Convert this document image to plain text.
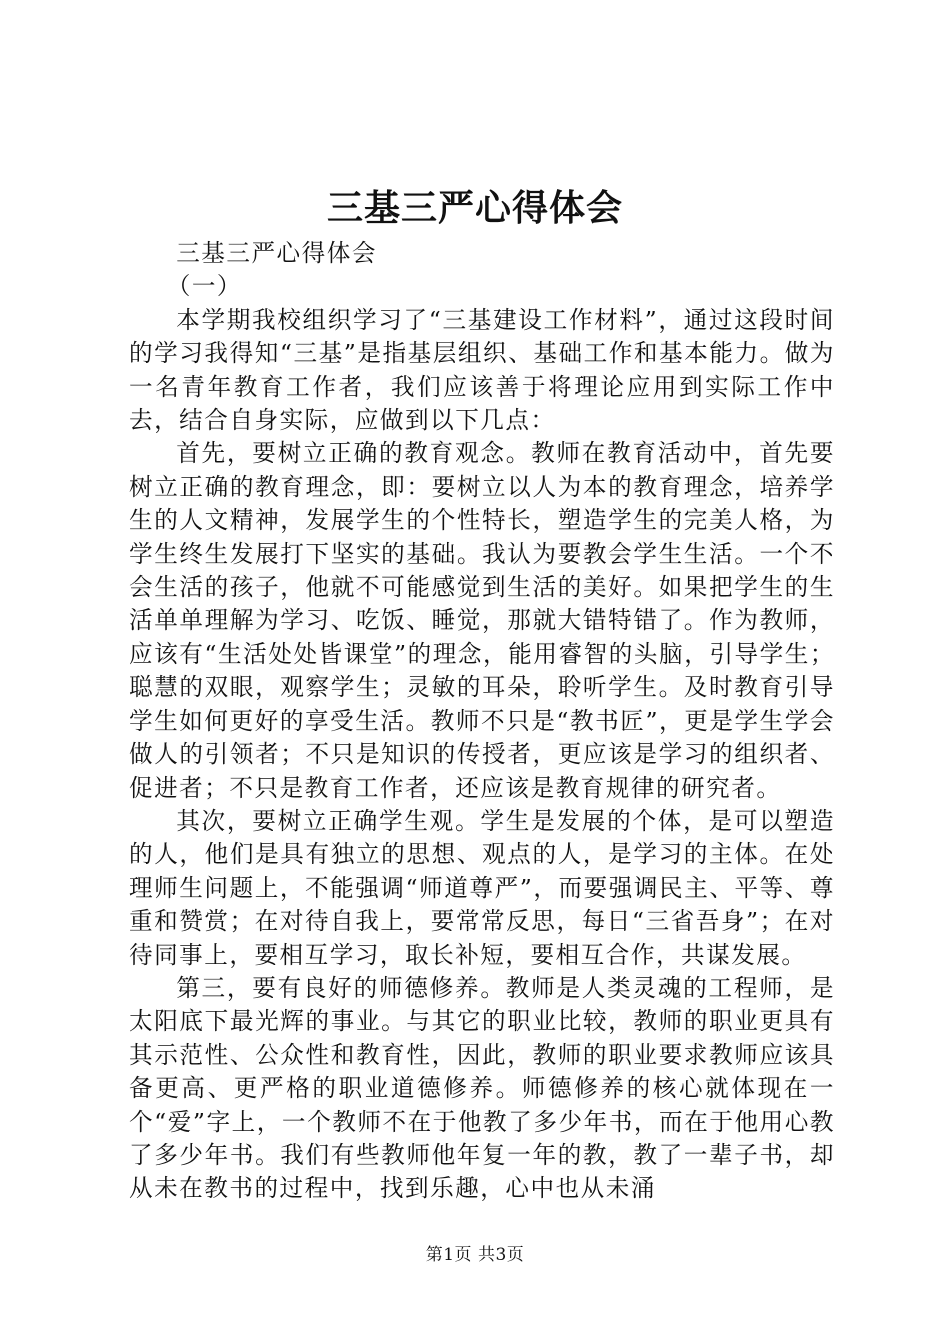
三基三严心得体会

三基三严心得体会

（一）

本学期我校组织学习了“三基建设工作材料”，通过这段时间的学习我得知“三基”是指基层组织、基础工作和基本能力。做为一名青年教育工作者，我们应该善于将理论应用到实际工作中去，结合自身实际，应做到以下几点：

首先，要树立正确的教育观念。教师在教育活动中，首先要树立正确的教育理念，即：要树立以人为本的教育理念，培养学生的人文精神，发展学生的个性特长，塑造学生的完美人格，为学生终生发展打下坚实的基础。我认为要教会学生生活。一个不会生活的孩子，他就不可能感觉到生活的美好。如果把学生的生活单单理解为学习、吃饭、睡觉，那就大错特错了。作为教师，应该有“生活处处皆课堂”的理念，能用睿智的头脑，引导学生；聪慧的双眼，观察学生；灵敏的耳朵，聆听学生。及时教育引导学生如何更好的享受生活。教师不只是“教书匠”，更是学生学会做人的引领者；不只是知识的传授者，更应该是学习的组织者、促进者；不只是教育工作者，还应该是教育规律的研究者。

其次，要树立正确学生观。学生是发展的个体，是可以塑造的人，他们是具有独立的思想、观点的人，是学习的主体。在处理师生问题上，不能强调“师道尊严”，而要强调民主、平等、尊重和赞赏；在对待自我上，要常常反思，每日“三省吾身”；在对待同事上，要相互学习，取长补短，要相互合作，共谋发展。

第三，要有良好的师德修养。教师是人类灵魂的工程师，是太阳底下最光辉的事业。与其它的职业比较，教师的职业更具有其示范性、公众性和教育性，因此，教师的职业要求教师应该具备更高、更严格的职业道德修养。师德修养的核心就体现在一个“爱”字上，一个教师不在于他教了多少年书，而在于他用心教了多少年书。我们有些教师他年复一年的教，教了一辈子书，却从未在教书的过程中，找到乐趣，心中也从未涌

第1页 共3页
